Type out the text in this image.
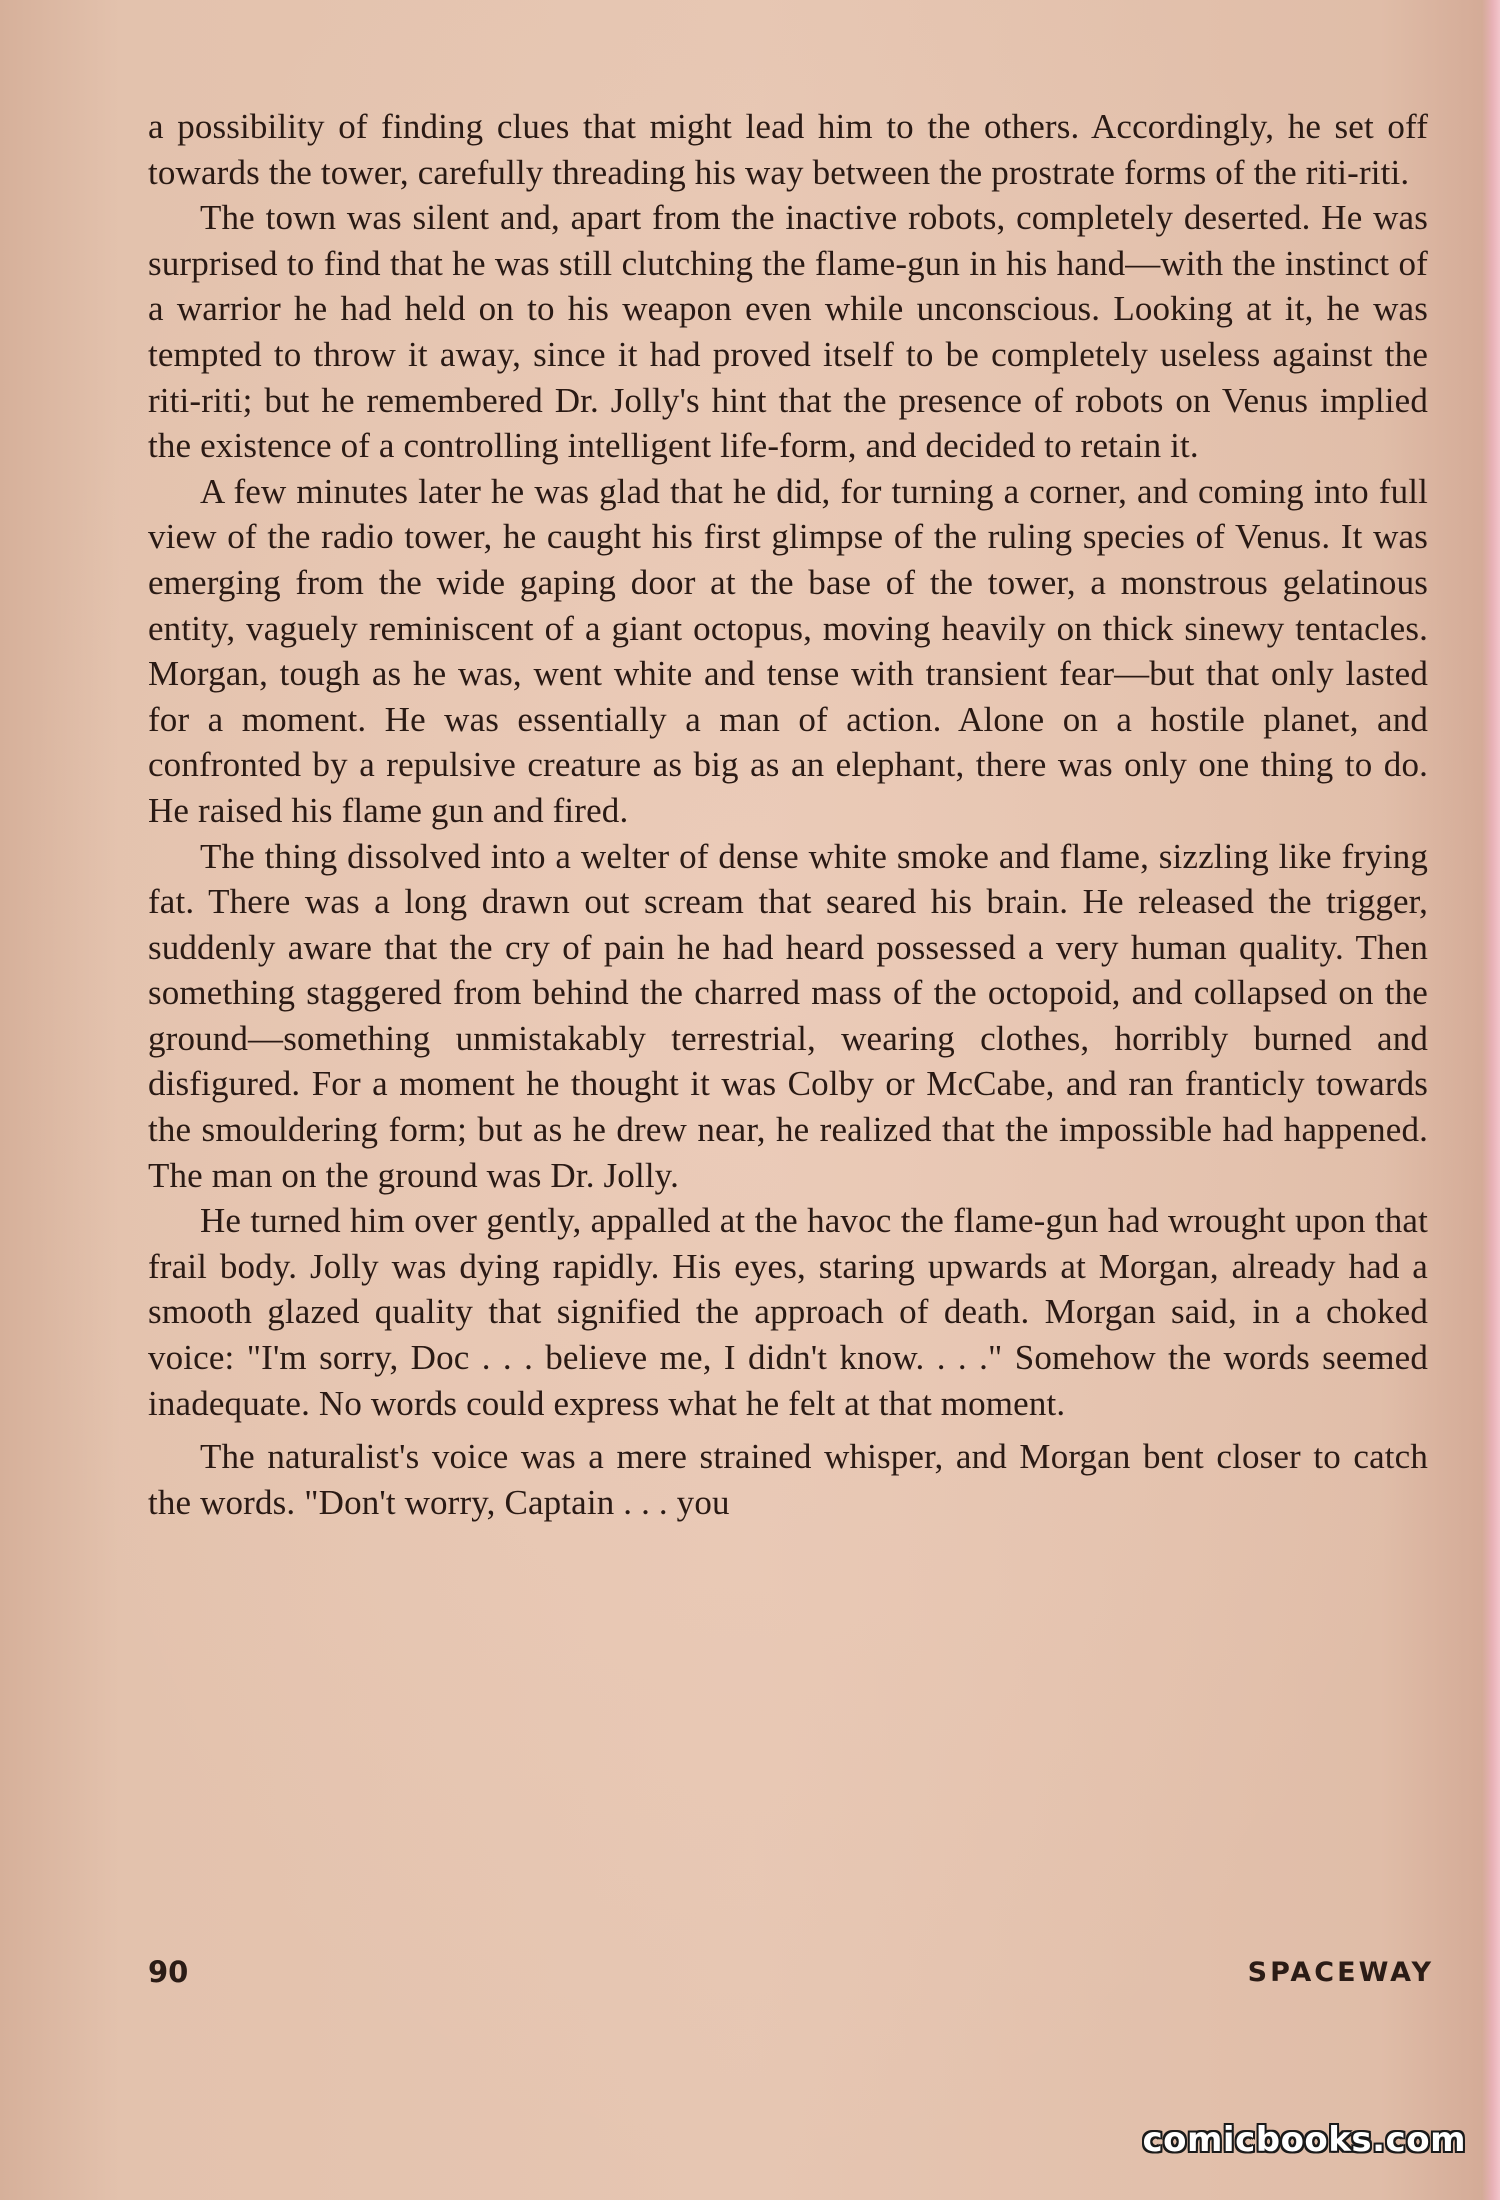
a possibility of finding clues that might lead him to the others. Accordingly, he set off towards the tower, carefully threading his way between the prostrate forms of the riti-riti.

The town was silent and, apart from the inactive robots, completely deserted. He was surprised to find that he was still clutching the flame-gun in his hand—with the instinct of a warrior he had held on to his weapon even while unconscious. Looking at it, he was tempted to throw it away, since it had proved itself to be completely useless against the riti-riti; but he remembered Dr. Jolly's hint that the presence of robots on Venus implied the existence of a controlling intelligent life-form, and decided to retain it.

A few minutes later he was glad that he did, for turning a corner, and coming into full view of the radio tower, he caught his first glimpse of the ruling species of Venus. It was emerging from the wide gaping door at the base of the tower, a monstrous gelatinous entity, vaguely reminiscent of a giant octopus, moving heavily on thick sinewy tentacles. Morgan, tough as he was, went white and tense with transient fear—but that only lasted for a moment. He was essentially a man of action. Alone on a hostile planet, and confronted by a repulsive creature as big as an elephant, there was only one thing to do. He raised his flame gun and fired.

The thing dissolved into a welter of dense white smoke and flame, sizzling like frying fat. There was a long drawn out scream that seared his brain. He released the trigger, suddenly aware that the cry of pain he had heard possessed a very human quality. Then something staggered from behind the charred mass of the octopoid, and collapsed on the ground—something unmistakably terrestrial, wearing clothes, horribly burned and disfigured. For a moment he thought it was Colby or McCabe, and ran franticly towards the smouldering form; but as he drew near, he realized that the impossible had happened. The man on the ground was Dr. Jolly.

He turned him over gently, appalled at the havoc the flame-gun had wrought upon that frail body. Jolly was dying rapidly. His eyes, staring upwards at Morgan, already had a smooth glazed quality that signified the approach of death. Morgan said, in a choked voice: "I'm sorry, Doc . . . believe me, I didn't know. . . ." Somehow the words seemed inadequate. No words could express what he felt at that moment.

The naturalist's voice was a mere strained whisper, and Morgan bent closer to catch the words. "Don't worry, Captain . . . you

90	SPACEWAY
comicbooks.com
